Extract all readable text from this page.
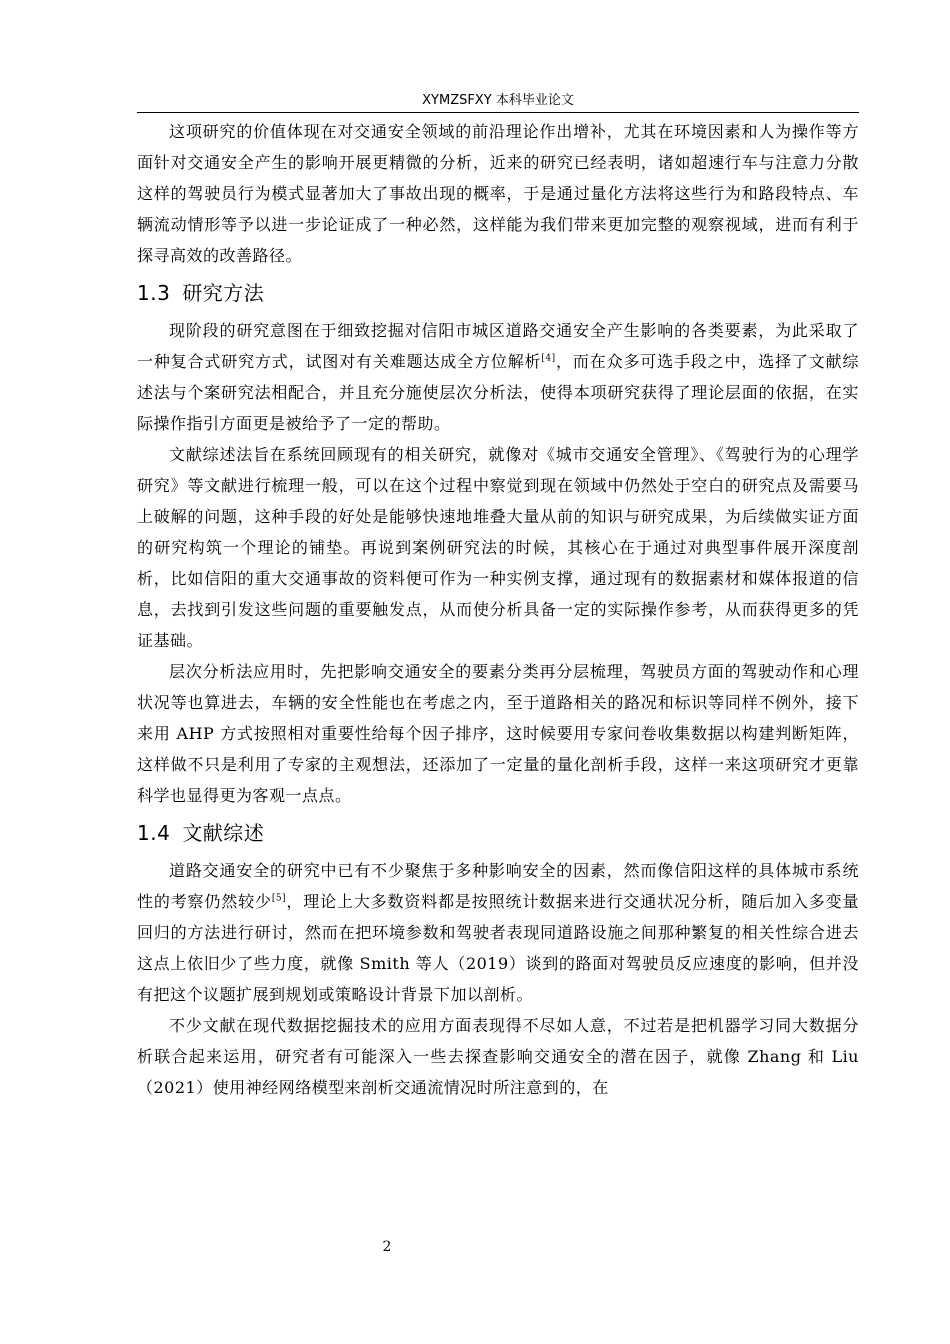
XYMZSFXY 本科毕业论文

这项研究的价值体现在对交通安全领域的前沿理论作出增补，尤其在环境因素和人为操作等方面针对交通安全产生的影响开展更精微的分析，近来的研究已经表明，诸如超速行车与注意力分散这样的驾驶员行为模式显著加大了事故出现的概率，于是通过量化方法将这些行为和路段特点、车辆流动情形等予以进一步论证成了一种必然，这样能为我们带来更加完整的观察视域，进而有利于探寻高效的改善路径。

1.3 研究方法

现阶段的研究意图在于细致挖掘对信阳市城区道路交通安全产生影响的各类要素，为此采取了一种复合式研究方式，试图对有关难题达成全方位解析[4]，而在众多可选手段之中，选择了文献综述法与个案研究法相配合，并且充分施使层次分析法，使得本项研究获得了理论层面的依据，在实际操作指引方面更是被给予了一定的帮助。

文献综述法旨在系统回顾现有的相关研究，就像对《城市交通安全管理》、《驾驶行为的心理学研究》等文献进行梳理一般，可以在这个过程中察觉到现在领域中仍然处于空白的研究点及需要马上破解的问题，这种手段的好处是能够快速地堆叠大量从前的知识与研究成果，为后续做实证方面的研究构筑一个理论的铺垫。再说到案例研究法的时候，其核心在于通过对典型事件展开深度剖析，比如信阳的重大交通事故的资料便可作为一种实例支撑，通过现有的数据素材和媒体报道的信息，去找到引发这些问题的重要触发点，从而使分析具备一定的实际操作参考，从而获得更多的凭证基础。

层次分析法应用时，先把影响交通安全的要素分类再分层梳理，驾驶员方面的驾驶动作和心理状况等也算进去，车辆的安全性能也在考虑之内，至于道路相关的路况和标识等同样不例外，接下来用 AHP 方式按照相对重要性给每个因子排序，这时候要用专家问卷收集数据以构建判断矩阵，这样做不只是利用了专家的主观想法，还添加了一定量的量化剖析手段，这样一来这项研究才更靠科学也显得更为客观一点点。

1.4 文献综述

道路交通安全的研究中已有不少聚焦于多种影响安全的因素，然而像信阳这样的具体城市系统性的考察仍然较少[5]，理论上大多数资料都是按照统计数据来进行交通状况分析，随后加入多变量回归的方法进行研讨，然而在把环境参数和驾驶者表现同道路设施之间那种繁复的相关性综合进去这点上依旧少了些力度，就像 Smith 等人（2019）谈到的路面对驾驶员反应速度的影响，但并没有把这个议题扩展到规划或策略设计背景下加以剖析。

不少文献在现代数据挖掘技术的应用方面表现得不尽如人意，不过若是把机器学习同大数据分析联合起来运用，研究者有可能深入一些去探查影响交通安全的潜在因子，就像 Zhang 和 Liu（2021）使用神经网络模型来剖析交通流情况时所注意到的，在

2
